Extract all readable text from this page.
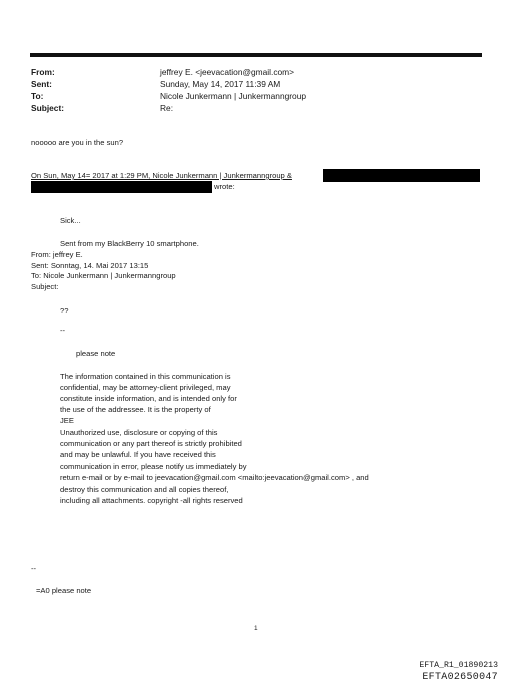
From:	jeffrey E. <jeevacation@gmail.com>
Sent:	Sunday, May 14, 2017 11:39 AM
To:	Nicole Junkermann | Junkermanngroup
Subject:	Re:
nooooo are you in the sun?
On Sun, May 14= 2017 at 1:29 PM, Nicole Junkermann | Junkermanngroup &
wrote:
Sick...
Sent from my BlackBerry 10 smartphone.
From: jeffrey E.
Sent: Sonntag, 14. Mai 2017 13:15
To: Nicole Junkermann | Junkermanngroup
Subject:
??
--
please note
The information contained in this communication is
confidential, may be attorney-client privileged, may
constitute inside information, and is intended only for
the use of the addressee. It is the property of
JEE
Unauthorized use, disclosure or copying of this
communication or any part thereof is strictly prohibited
and may be unlawful. If you have received this
communication in error, please notify us immediately by
return e-mail or by e-mail to jeevacation@gmail.com <mailto:jeevacation@gmail.com> , and
destroy this communication and all copies thereof,
including all attachments. copyright -all rights reserved
--
=A0 please note
1
EFTA_R1_01890213
EFTA02650047
